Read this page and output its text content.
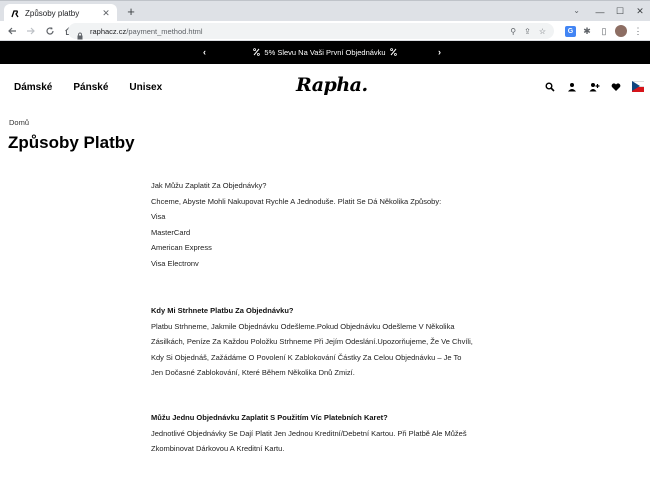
Způsoby platby	✕ +	⌄	—	☐	✕
raphacz.cz/payment_method.html	⚲ ⇪ ☆	G	✱	▯	⋮
‹	5% Slevu Na Vaši První Objednávku	›
Dámské Pánské Unisex	Rapha.
Domů
Způsoby Platby

Jak Můžu Zaplatit Za Objednávky?

Chceme, Abyste Mohli Nakupovat Rychle A Jednoduše. Platit Se Dá Několika Způsoby:

Visa

MasterCard

American Express

Visa Electronv

Kdy Mi Strhnete Platbu Za Objednávku?

Platbu Strhneme, Jakmile Objednávku Odešleme.Pokud Objednávku Odešleme V Několika

Zásilkách, Peníze Za Každou Položku Strhneme Při Jejím Odeslání.Upozorňujeme, Že Ve Chvíli,

Kdy Si Objednáš, Zažádáme O Povolení K Zablokování Částky Za Celou Objednávku – Je To

Jen Dočasné Zablokování, Které Během Několika Dnů Zmizí.

Můžu Jednu Objednávku Zaplatit S Použitím Víc Platebních Karet?

Jednotlivé Objednávky Se Dají Platit Jen Jednou Kreditní/Debetní Kartou. Při Platbě Ale Můžeš

Zkombinovat Dárkovou A Kreditní Kartu.
